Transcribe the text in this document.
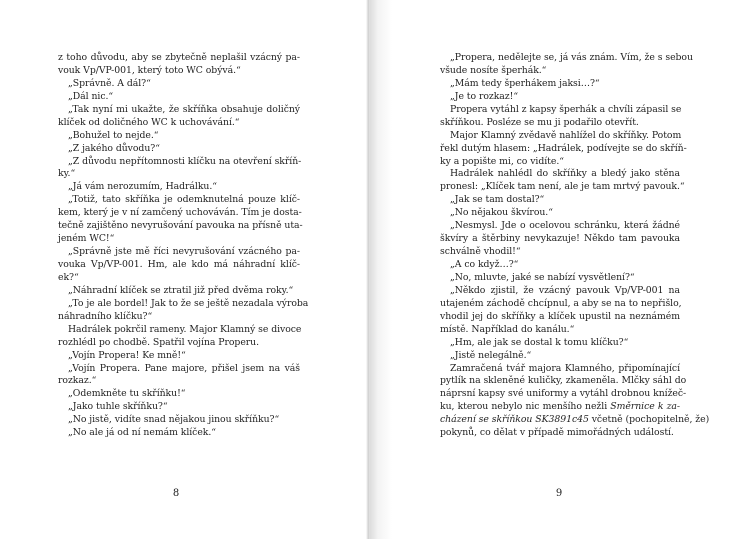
z toho důvodu, aby se zbytečně neplašil vzácný pa-
vouk Vp/VP-001, který toto WC obývá.“
„Správně. A dál?“
„Dál nic.“
„Tak nyní mi ukažte, že skříňka obsahuje doličný
klíček od doličného WC k uchovávání.“
„Bohužel to nejde.“
„Z jakého důvodu?“
„Z důvodu nepřítomnosti klíčku na otevření skříň-
ky.“
„Já vám nerozumím, Hadrálku.“
„Totiž, tato skříňka je odemknutelná pouze klíč-
kem, který je v ní zamčený uchováván. Tím je dosta-
tečně zajištěno nevyrušování pavouka na přísně uta-
jeném WC!“
„Správně jste mě říci nevyrušování vzácného pa-
vouka Vp/VP-001. Hm, ale kdo má náhradní klíč-
ek?“
„Náhradní klíček se ztratil již před dvěma roky.“
„To je ale bordel! Jak to že se ještě nezadala výroba
náhradního klíčku?“
Hadrálek pokrčil rameny. Major Klamný se divoce
rozhlédl po chodbě. Spatřil vojína Properu.
„Vojín Propera! Ke mně!“
„Vojín Propera. Pane majore, přišel jsem na váš
rozkaz.“
„Odemkněte tu skříňku!“
„Jako tuhle skříňku?“
„No jistě, vidíte snad nějakou jinou skříňku?“
„No ale já od ní nemám klíček.“
8
„Propera, nedělejte se, já vás znám. Vím, že s sebou
všude nosíte šperhák.“
„Mám tedy šperhákem jaksi…?“
„Je to rozkaz!“
Propera vytáhl z kapsy šperhák a chvíli zápasil se
skříňkou. Posléze se mu ji podařilo otevřít.
Major Klamný zvědavě nahlížel do skříňky. Potom
řekl dutým hlasem: „Hadrálek, podívejte se do skříň-
ky a popište mi, co vidíte.“
Hadrálek nahlédl do skříňky a bledý jako stěna
pronesl: „Klíček tam není, ale je tam mrtvý pavouk.“
„Jak se tam dostal?“
„No nějakou škvírou.“
„Nesmysl. Jde o ocelovou schránku, která žádné
škvíry a štěrbiny nevykazuje! Někdo tam pavouka
schválně vhodil!“
„A co když…?“
„No, mluvte, jaké se nabízí vysvětlení?“
„Někdo zjistil, že vzácný pavouk Vp/VP-001 na
utajeném záchodě chcípnul, a aby se na to nepřišlo,
vhodil jej do skříňky a klíček upustil na neznámém
místě. Například do kanálu.“
„Hm, ale jak se dostal k tomu klíčku?“
„Jistě nelegálně.“
Zamračená tvář majora Klamného, připomínající
pytlík na skleněné kuličky, zkameněla. Mlčky sáhl do
náprsní kapsy své uniformy a vytáhl drobnou knížeč-
ku, kterou nebylo nic menšího nežli Směrnice k za-
cházení se skříňkou SK3891c45 včetně (pochopitelně, že)
pokynů, co dělat v případě mimořádných událostí.
9
